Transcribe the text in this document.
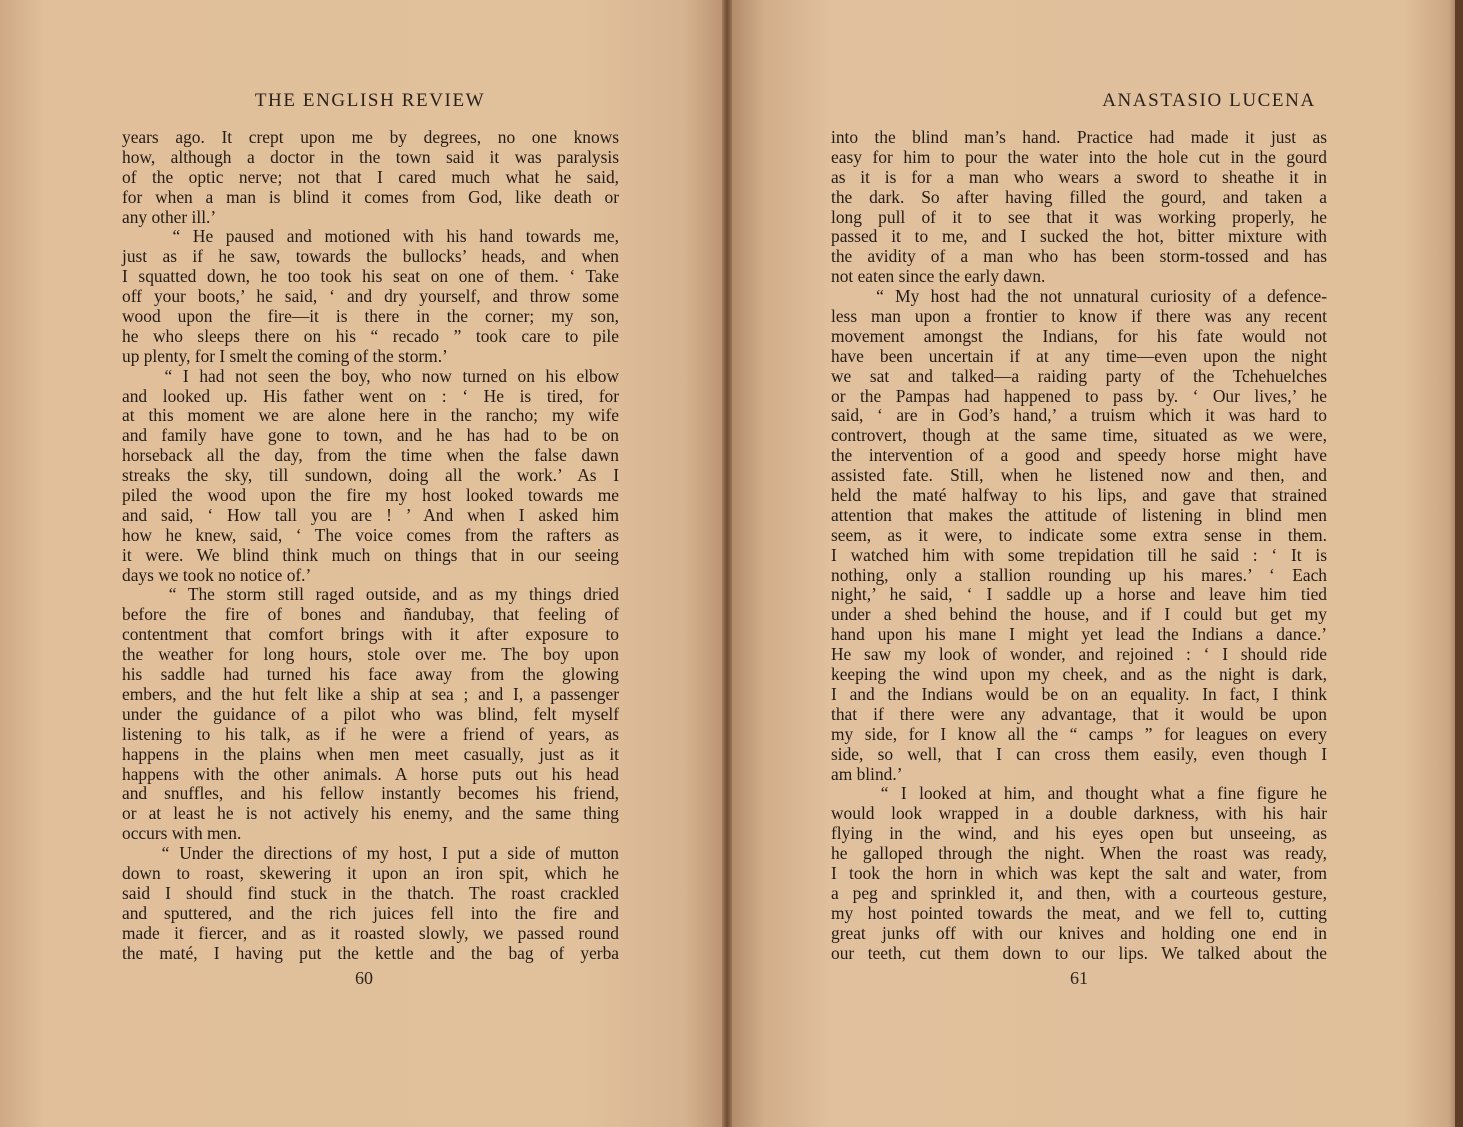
THE ENGLISH REVIEW
years ago. It crept upon me by degrees, no one knows
how, although a doctor in the town said it was paralysis
of the optic nerve; not that I cared much what he said,
for when a man is blind it comes from God, like death or
any other ill.’
“ He paused and motioned with his hand towards me,
just as if he saw, towards the bullocks’ heads, and when
I squatted down, he too took his seat on one of them. ‘ Take
off your boots,’ he said, ‘ and dry yourself, and throw some
wood upon the fire—it is there in the corner; my son,
he who sleeps there on his “ recado ” took care to pile
up plenty, for I smelt the coming of the storm.’
“ I had not seen the boy, who now turned on his elbow
and looked up. His father went on : ‘ He is tired, for
at this moment we are alone here in the rancho; my wife
and family have gone to town, and he has had to be on
horseback all the day, from the time when the false dawn
streaks the sky, till sundown, doing all the work.’ As I
piled the wood upon the fire my host looked towards me
and said, ‘ How tall you are ! ’ And when I asked him
how he knew, said, ‘ The voice comes from the rafters as
it were. We blind think much on things that in our seeing
days we took no notice of.’
“ The storm still raged outside, and as my things dried
before the fire of bones and ñandubay, that feeling of
contentment that comfort brings with it after exposure to
the weather for long hours, stole over me. The boy upon
his saddle had turned his face away from the glowing
embers, and the hut felt like a ship at sea ; and I, a passenger
under the guidance of a pilot who was blind, felt myself
listening to his talk, as if he were a friend of years, as
happens in the plains when men meet casually, just as it
happens with the other animals. A horse puts out his head
and snuffles, and his fellow instantly becomes his friend,
or at least he is not actively his enemy, and the same thing
occurs with men.
“ Under the directions of my host, I put a side of mutton
down to roast, skewering it upon an iron spit, which he
said I should find stuck in the thatch. The roast crackled
and sputtered, and the rich juices fell into the fire and
made it fiercer, and as it roasted slowly, we passed round
the maté, I having put the kettle and the bag of yerba
60
ANASTASIO LUCENA
into the blind man’s hand. Practice had made it just as
easy for him to pour the water into the hole cut in the gourd
as it is for a man who wears a sword to sheathe it in
the dark. So after having filled the gourd, and taken a
long pull of it to see that it was working properly, he
passed it to me, and I sucked the hot, bitter mixture with
the avidity of a man who has been storm-tossed and has
not eaten since the early dawn.
“ My host had the not unnatural curiosity of a defence-
less man upon a frontier to know if there was any recent
movement amongst the Indians, for his fate would not
have been uncertain if at any time—even upon the night
we sat and talked—a raiding party of the Tchehuelches
or the Pampas had happened to pass by. ‘ Our lives,’ he
said, ‘ are in God’s hand,’ a truism which it was hard to
controvert, though at the same time, situated as we were,
the intervention of a good and speedy horse might have
assisted fate. Still, when he listened now and then, and
held the maté halfway to his lips, and gave that strained
attention that makes the attitude of listening in blind men
seem, as it were, to indicate some extra sense in them.
I watched him with some trepidation till he said : ‘ It is
nothing, only a stallion rounding up his mares.’ ‘ Each
night,’ he said, ‘ I saddle up a horse and leave him tied
under a shed behind the house, and if I could but get my
hand upon his mane I might yet lead the Indians a dance.’
He saw my look of wonder, and rejoined : ‘ I should ride
keeping the wind upon my cheek, and as the night is dark,
I and the Indians would be on an equality. In fact, I think
that if there were any advantage, that it would be upon
my side, for I know all the “ camps ” for leagues on every
side, so well, that I can cross them easily, even though I
am blind.’
“ I looked at him, and thought what a fine figure he
would look wrapped in a double darkness, with his hair
flying in the wind, and his eyes open but unseeing, as
he galloped through the night. When the roast was ready,
I took the horn in which was kept the salt and water, from
a peg and sprinkled it, and then, with a courteous gesture,
my host pointed towards the meat, and we fell to, cutting
great junks off with our knives and holding one end in
our teeth, cut them down to our lips. We talked about the
61
